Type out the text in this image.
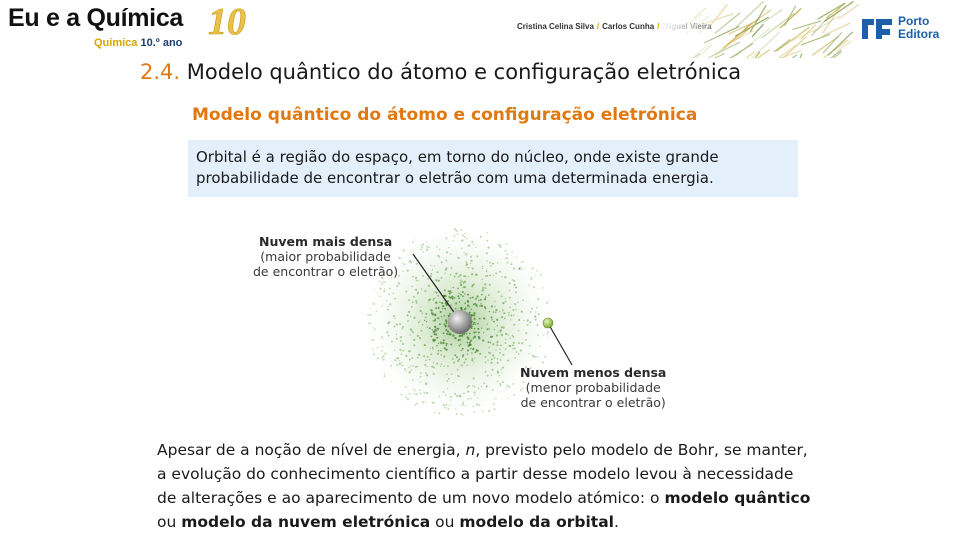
Eu e a Química 10
Química 10.º ano
Cristina Celina Silva / Carlos Cunha /	Porto
Editora
2.4. Modelo quântico do átomo e configuração eletrónica
Modelo quântico do átomo e configuração eletrónica
Orbital é a região do espaço, em torno do núcleo, onde existe grande probabilidade de encontrar o eletrão com uma determinada energia.
Nuvem mais densa
(maior probabilidade
de encontrar o eletrão)
Nuvem menos densa
(menor probabilidade
de encontrar o eletrão)
Apesar de a noção de nível de energia, n, previsto pelo modelo de Bohr, se manter, a evolução do conhecimento científico a partir desse modelo levou à necessidade de alterações e ao aparecimento de um novo modelo atómico: o modelo quântico ou modelo da nuvem eletrónica ou modelo da orbital.
